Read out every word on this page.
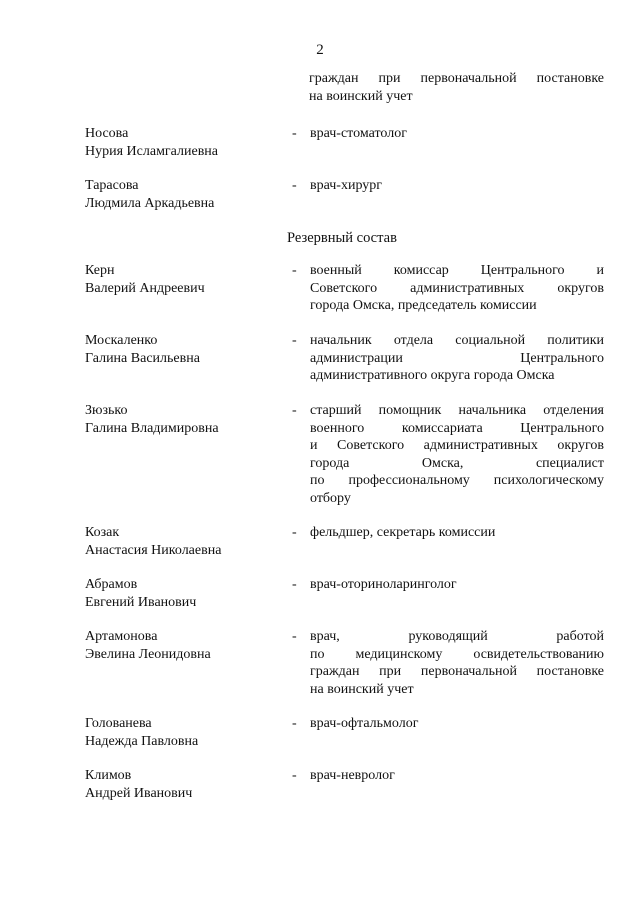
2
граждан при первоначальной постановке
на воинский учет
Носова
Нурия Исламгалиевна
- врач-стоматолог

Тарасова
Людмила Аркадьевна
- врач-хирург

Резервный состав
Керн
Валерий Андреевич
- военный комиссар Центрального и

Советского административных округов

города Омска, председатель комиссии

Москаленко
Галина Васильевна
- начальник отдела социальной политики

администрации Центрального

административного округа города Омска

Зюзько
Галина Владимировна
- старший помощник начальника отделения

военного комиссариата Центрального

и Советского административных округов

города Омска, специалист

по профессиональному психологическому

отбору

Козак
Анастасия Николаевна
- фельдшер, секретарь комиссии

Абрамов
Евгений Иванович
- врач-оториноларинголог

Артамонова
Эвелина Леонидовна
- врач, руководящий работой

по медицинскому освидетельствованию

граждан при первоначальной постановке

на воинский учет

Голованева
Надежда Павловна
- врач-офтальмолог

Климов
Андрей Иванович
- врач-невролог
